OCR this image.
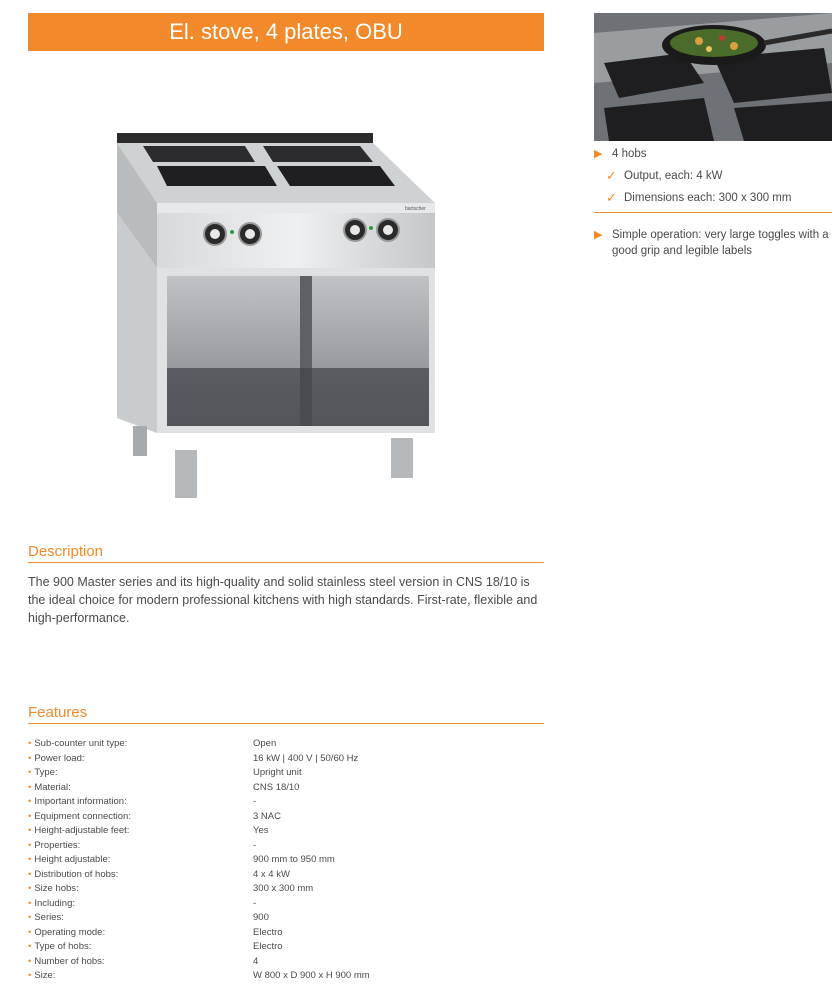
El. stove, 4 plates, OBU
bartscher
▶ 4 hobs
✓ Output, each: 4 kW
✓ Dimensions each: 300 x 300 mm
▶ Simple operation: very large toggles with a good grip and legible labels
Description
The 900 Master series and its high-quality and solid stainless steel version in CNS 18/10 is the ideal choice for modern professional kitchens with high standards. First-rate, flexible and high-performance.
Features
• Sub-counter unit type:	Open
• Power load:	16 kW | 400 V | 50/60 Hz
• Type:	Upright unit
• Material:	CNS 18/10
• Important information:	-
• Equipment connection:	3 NAC
• Height-adjustable feet:	Yes
• Properties:	-
• Height adjustable:	900 mm to 950 mm
• Distribution of hobs:	4 x 4 kW
• Size hobs:	300 x 300 mm
• Including:	-
• Series:	900
• Operating mode:	Electro
• Type of hobs:	Electro
• Number of hobs:	4
• Size:	W 800 x D 900 x H 900 mm
